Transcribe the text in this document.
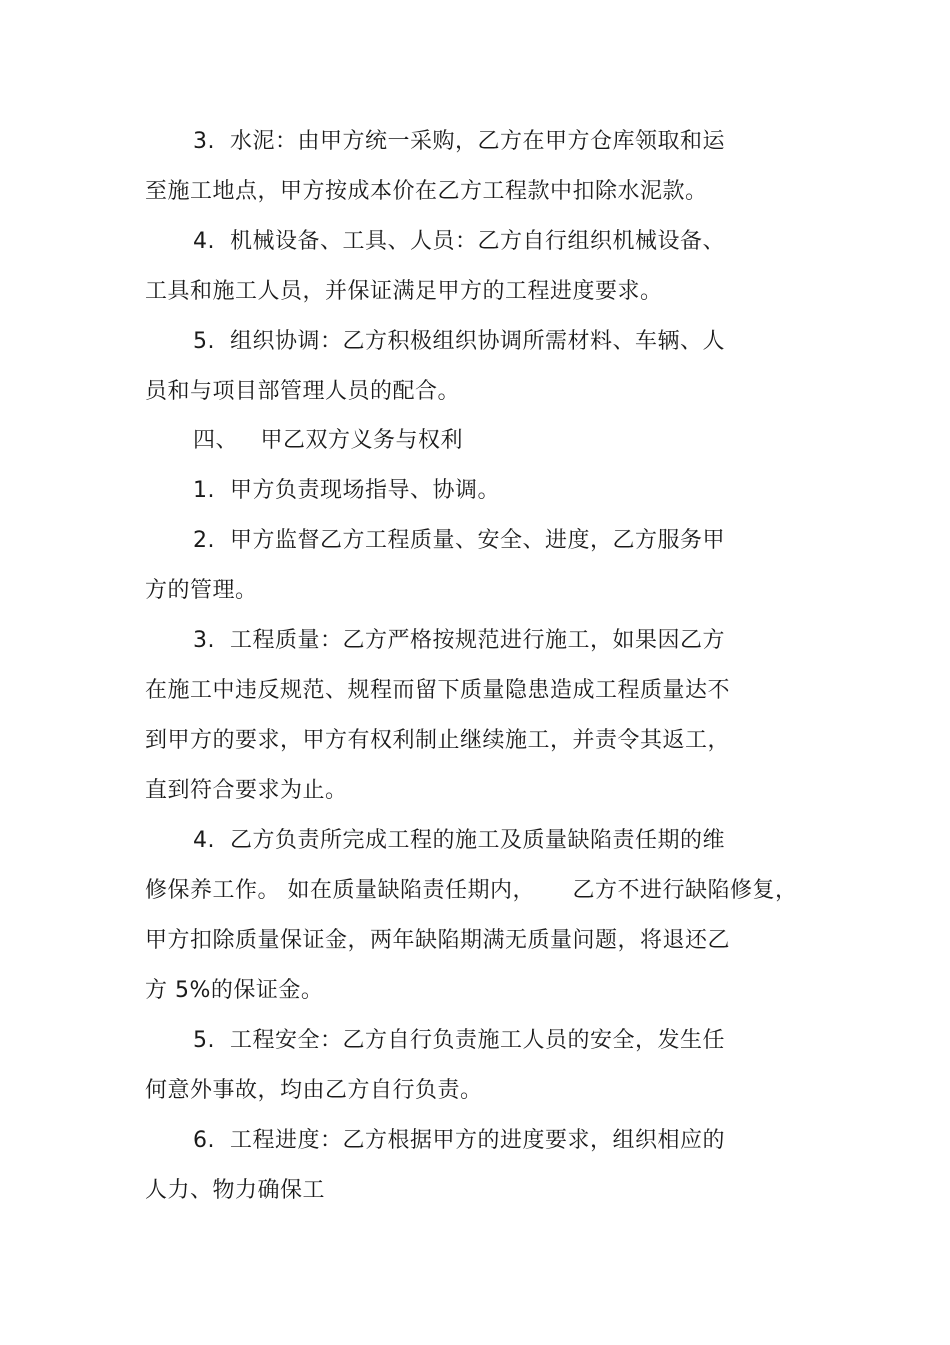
3.  水泥：由甲方统一采购，乙方在甲方仓库领取和运
至施工地点，甲方按成本价在乙方工程款中扣除水泥款。
4.  机械设备、工具、人员：乙方自行组织机械设备、
工具和施工人员，并保证满足甲方的工程进度要求。
5.  组织协调：乙方积极组织协调所需材料、车辆、人
员和与项目部管理人员的配合。
四、   甲乙双方义务与权利
1.  甲方负责现场指导、协调。
2.  甲方监督乙方工程质量、安全、进度，乙方服务甲
方的管理。
3.  工程质量：乙方严格按规范进行施工，如果因乙方
在施工中违反规范、规程而留下质量隐患造成工程质量达不
到甲方的要求，甲方有权利制止继续施工，并责令其返工，
直到符合要求为止。
4.  乙方负责所完成工程的施工及质量缺陷责任期的维
修保养工作。 如在质量缺陷责任期内，     乙方不进行缺陷修复，
甲方扣除质量保证金，两年缺陷期满无质量问题，将退还乙
方 5%的保证金。
5.  工程安全：乙方自行负责施工人员的安全，发生任
何意外事故，均由乙方自行负责。
6.  工程进度：乙方根据甲方的进度要求，组织相应的
人力、物力确保工
